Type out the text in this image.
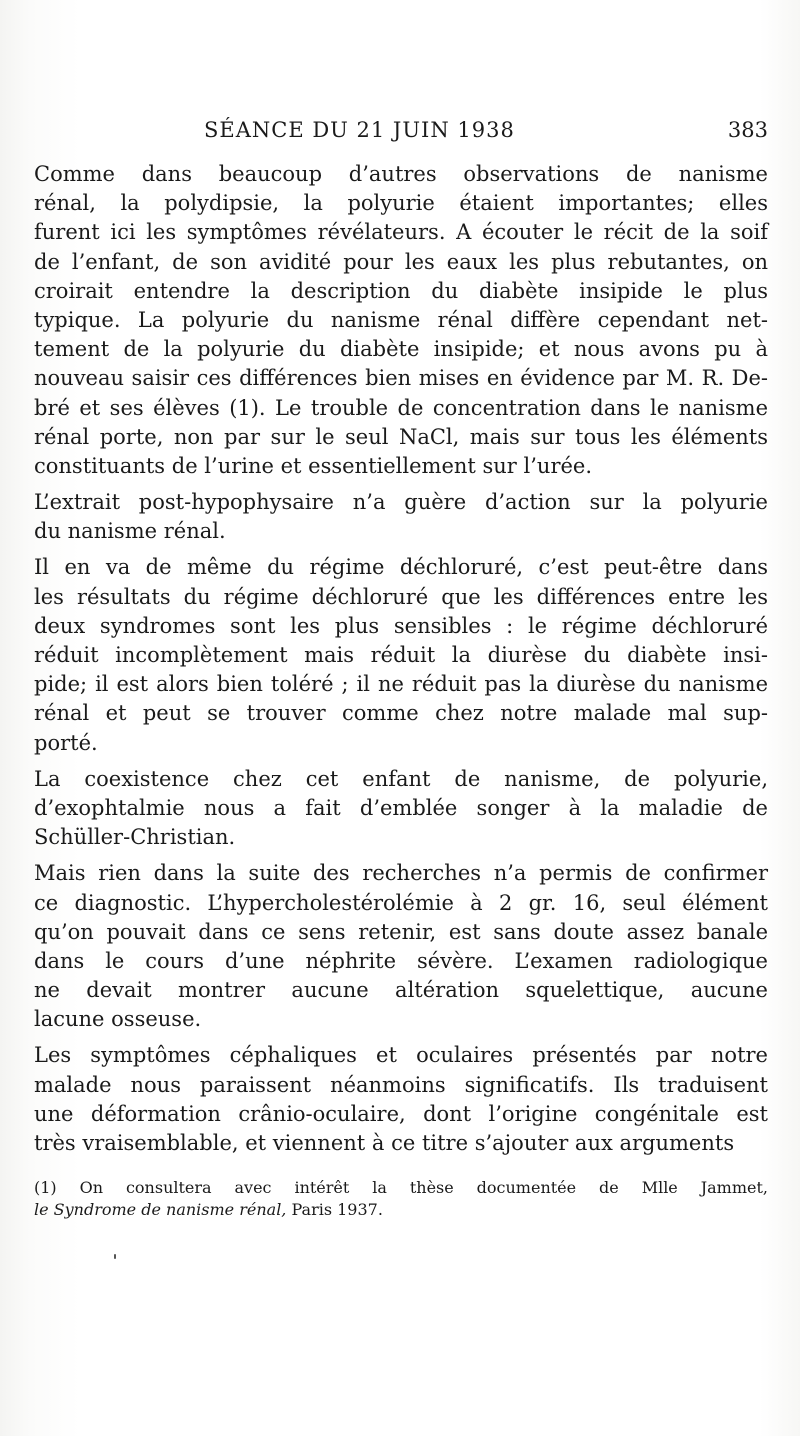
SÉANCE DU 21 JUIN 1938	383
Comme dans beaucoup d’autres observations de nanisme
rénal, la polydipsie, la polyurie étaient importantes; elles
furent ici les symptômes révélateurs. A écouter le récit de la soif
de l’enfant, de son avidité pour les eaux les plus rebutantes, on
croirait entendre la description du diabète insipide le plus
typique. La polyurie du nanisme rénal diffère cependant net-
tement de la polyurie du diabète insipide; et nous avons pu à
nouveau saisir ces différences bien mises en évidence par M. R. De-
bré et ses élèves (1). Le trouble de concentration dans le nanisme
rénal porte, non par sur le seul NaCl, mais sur tous les éléments
constituants de l’urine et essentiellement sur l’urée.
L’extrait post-hypophysaire n’a guère d’action sur la polyurie
du nanisme rénal.
Il en va de même du régime déchloruré, c’est peut-être dans
les résultats du régime déchloruré que les différences entre les
deux syndromes sont les plus sensibles : le régime déchloruré
réduit incomplètement mais réduit la diurèse du diabète insi-
pide; il est alors bien toléré ; il ne réduit pas la diurèse du nanisme
rénal et peut se trouver comme chez notre malade mal sup-
porté.
La coexistence chez cet enfant de nanisme, de polyurie,
d’exophtalmie nous a fait d’emblée songer à la maladie de
Schüller-Christian.
Mais rien dans la suite des recherches n’a permis de confirmer
ce diagnostic. L’hypercholestérolémie à 2 gr. 16, seul élément
qu’on pouvait dans ce sens retenir, est sans doute assez banale
dans le cours d’une néphrite sévère. L’examen radiologique
ne devait montrer aucune altération squelettique, aucune
lacune osseuse.
Les symptômes céphaliques et oculaires présentés par notre
malade nous paraissent néanmoins significatifs. Ils traduisent
une déformation crânio-oculaire, dont l’origine congénitale est
très vraisemblable, et viennent à ce titre s’ajouter aux arguments
(1) On consultera avec intérêt la thèse documentée de Mlle Jammet,
le Syndrome de nanisme rénal, Paris 1937.
